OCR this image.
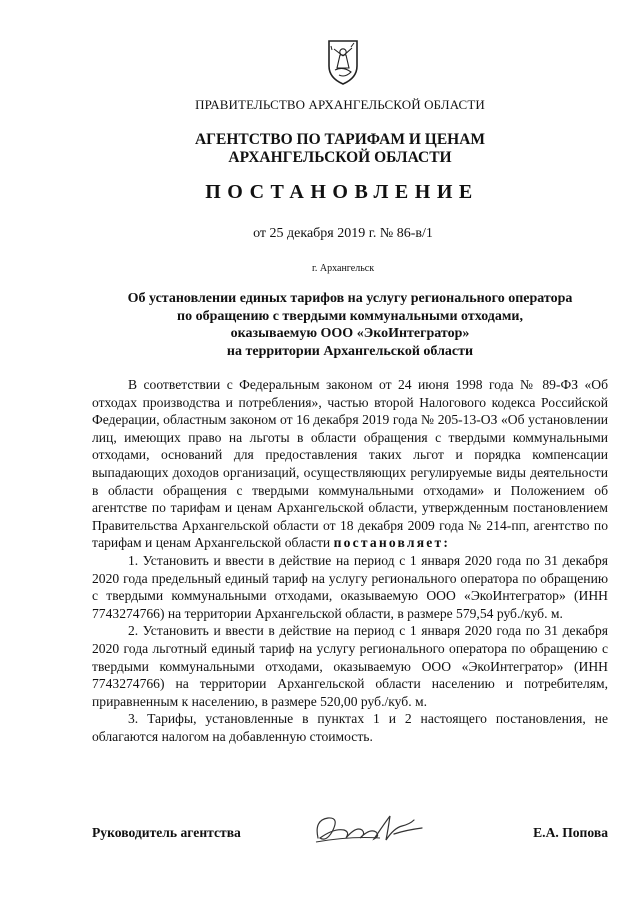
ПРАВИТЕЛЬСТВО АРХАНГЕЛЬСКОЙ ОБЛАСТИ
АГЕНТСТВО ПО ТАРИФАМ И ЦЕНАМ
АРХАНГЕЛЬСКОЙ ОБЛАСТИ
ПОСТАНОВЛЕНИЕ
от 25 декабря 2019 г. № 86-в/1
г. Архангельск
Об установлении единых тарифов на услугу регионального оператора
по обращению с твердыми коммунальными отходами,
оказываемую ООО «ЭкоИнтегратор»
на территории Архангельской области

В соответствии с Федеральным законом от 24 июня 1998 года № 89-ФЗ «Об отходах производства и потребления», частью второй Налогового кодекса Российской Федерации, областным законом от 16 декабря 2019 года № 205-13-ОЗ «Об установлении лиц, имеющих право на льготы в области обращения с твердыми коммунальными отходами, оснований для предоставления таких льгот и порядка компенсации выпадающих доходов организаций, осуществляющих регулируемые виды деятельности в области обращения с твердыми коммунальными отходами» и Положением об агентстве по тарифам и ценам Архангельской области, утвержденным постановлением Правительства Архангельской области от 18 декабря 2009 года № 214-пп, агентство по тарифам и ценам Архангельской области постановляет:

1. Установить и ввести в действие на период с 1 января 2020 года по 31 декабря 2020 года предельный единый тариф на услугу регионального оператора по обращению с твердыми коммунальными отходами, оказываемую ООО «ЭкоИнтегратор» (ИНН 7743274766) на территории Архангельской области, в размере 579,54 руб./куб. м.

2. Установить и ввести в действие на период с 1 января 2020 года по 31 декабря 2020 года льготный единый тариф на услугу регионального оператора по обращению с твердыми коммунальными отходами, оказываемую ООО «ЭкоИнтегратор» (ИНН 7743274766) на территории Архангельской области населению и потребителям, приравненным к населению, в размере 520,00 руб./куб. м.

3. Тарифы, установленные в пунктах 1 и 2 настоящего постановления, не облагаются налогом на добавленную стоимость.

Руководитель агентства	Е.А. Попова
